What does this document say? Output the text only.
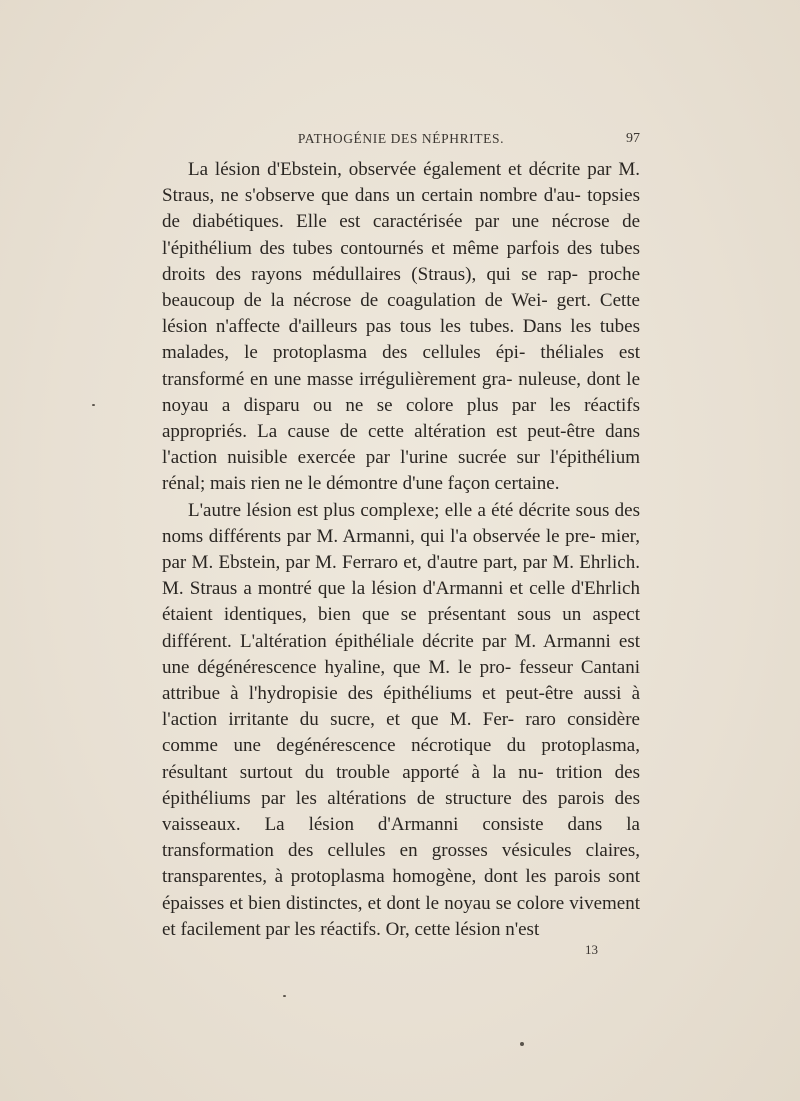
PATHOGÉNIE DES NÉPHRITES.	97

La lésion d'Ebstein, observée également et décrite par M. Straus, ne s'observe que dans un certain nombre d'au- topsies de diabétiques. Elle est caractérisée par une nécrose de l'épithélium des tubes contournés et même parfois des tubes droits des rayons médullaires (Straus), qui se rap- proche beaucoup de la nécrose de coagulation de Wei- gert. Cette lésion n'affecte d'ailleurs pas tous les tubes. Dans les tubes malades, le protoplasma des cellules épi- théliales est transformé en une masse irrégulièrement gra- nuleuse, dont le noyau a disparu ou ne se colore plus par les réactifs appropriés. La cause de cette altération est peut-être dans l'action nuisible exercée par l'urine sucrée sur l'épithélium rénal; mais rien ne le démontre d'une façon certaine.

L'autre lésion est plus complexe; elle a été décrite sous des noms différents par M. Armanni, qui l'a observée le pre- mier, par M. Ebstein, par M. Ferraro et, d'autre part, par M. Ehrlich. M. Straus a montré que la lésion d'Armanni et celle d'Ehrlich étaient identiques, bien que se présentant sous un aspect différent. L'altération épithéliale décrite par M. Armanni est une dégénérescence hyaline, que M. le pro- fesseur Cantani attribue à l'hydropisie des épithéliums et peut-être aussi à l'action irritante du sucre, et que M. Fer- raro considère comme une degénérescence nécrotique du protoplasma, résultant surtout du trouble apporté à la nu- trition des épithéliums par les altérations de structure des parois des vaisseaux. La lésion d'Armanni consiste dans la transformation des cellules en grosses vésicules claires, transparentes, à protoplasma homogène, dont les parois sont épaisses et bien distinctes, et dont le noyau se colore vivement et facilement par les réactifs. Or, cette lésion n'est

13
